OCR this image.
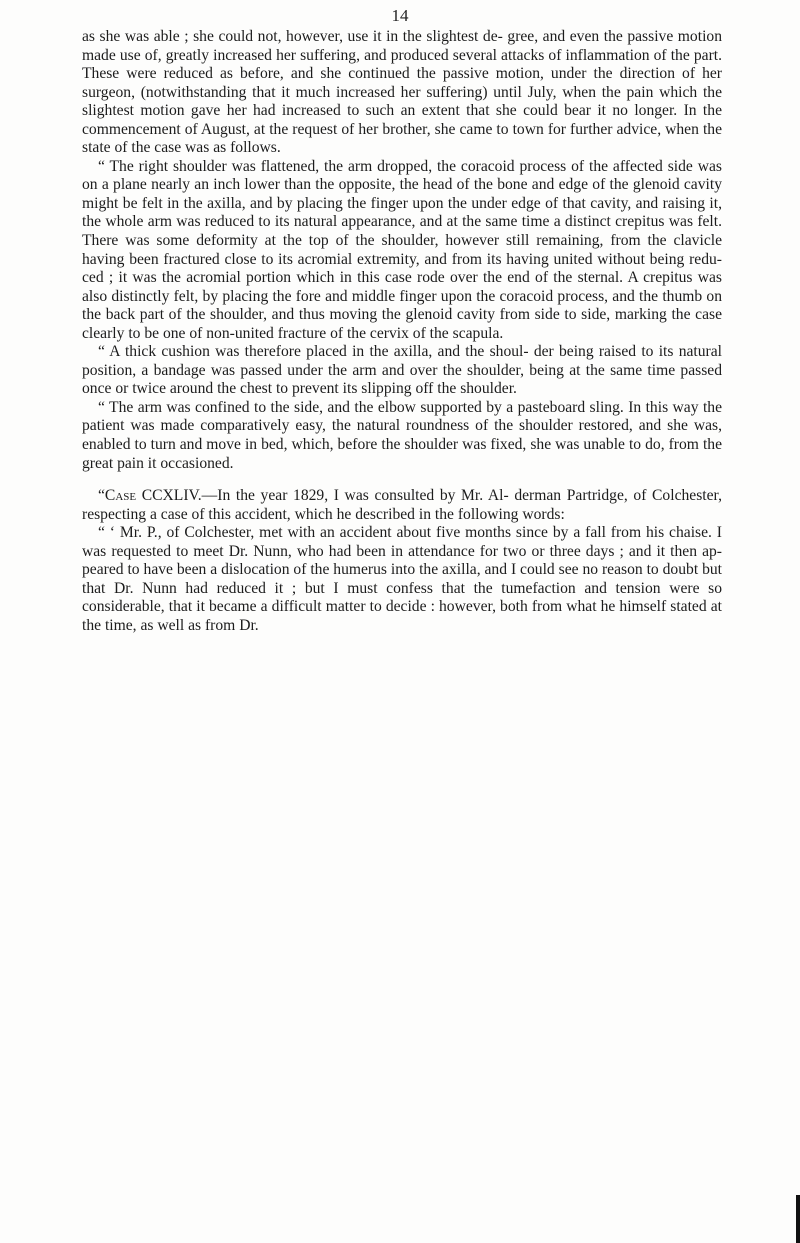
14

as she was able ; she could not, however, use it in the slightest de- gree, and even the passive motion made use of, greatly increased her suffering, and produced several attacks of inflammation of the part. These were reduced as before, and she continued the passive motion, under the direction of her surgeon, (notwithstanding that it much increased her suffering) until July, when the pain which the slightest motion gave her had increased to such an extent that she could bear it no longer. In the commencement of August, at the request of her brother, she came to town for further advice, when the state of the case was as follows.

“ The right shoulder was flattened, the arm dropped, the coracoid process of the affected side was on a plane nearly an inch lower than the opposite, the head of the bone and edge of the glenoid cavity might be felt in the axilla, and by placing the finger upon the under edge of that cavity, and raising it, the whole arm was reduced to its natural appearance, and at the same time a distinct crepitus was felt. There was some deformity at the top of the shoulder, however still remaining, from the clavicle having been fractured close to its acromial extremity, and from its having united without being redu- ced ; it was the acromial portion which in this case rode over the end of the sternal. A crepitus was also distinctly felt, by placing the fore and middle finger upon the coracoid process, and the thumb on the back part of the shoulder, and thus moving the glenoid cavity from side to side, marking the case clearly to be one of non-united fracture of the cervix of the scapula.

“ A thick cushion was therefore placed in the axilla, and the shoul- der being raised to its natural position, a bandage was passed under the arm and over the shoulder, being at the same time passed once or twice around the chest to prevent its slipping off the shoulder.

“ The arm was confined to the side, and the elbow supported by a pasteboard sling. In this way the patient was made comparatively easy, the natural roundness of the shoulder restored, and she was, enabled to turn and move in bed, which, before the shoulder was fixed, she was unable to do, from the great pain it occasioned.

“Case CCXLIV.—In the year 1829, I was consulted by Mr. Al- derman Partridge, of Colchester, respecting a case of this accident, which he described in the following words:

“ ‘ Mr. P., of Colchester, met with an accident about five months since by a fall from his chaise. I was requested to meet Dr. Nunn, who had been in attendance for two or three days ; and it then ap- peared to have been a dislocation of the humerus into the axilla, and I could see no reason to doubt but that Dr. Nunn had reduced it ; but I must confess that the tumefaction and tension were so considerable, that it became a difficult matter to decide : however, both from what he himself stated at the time, as well as from Dr.
